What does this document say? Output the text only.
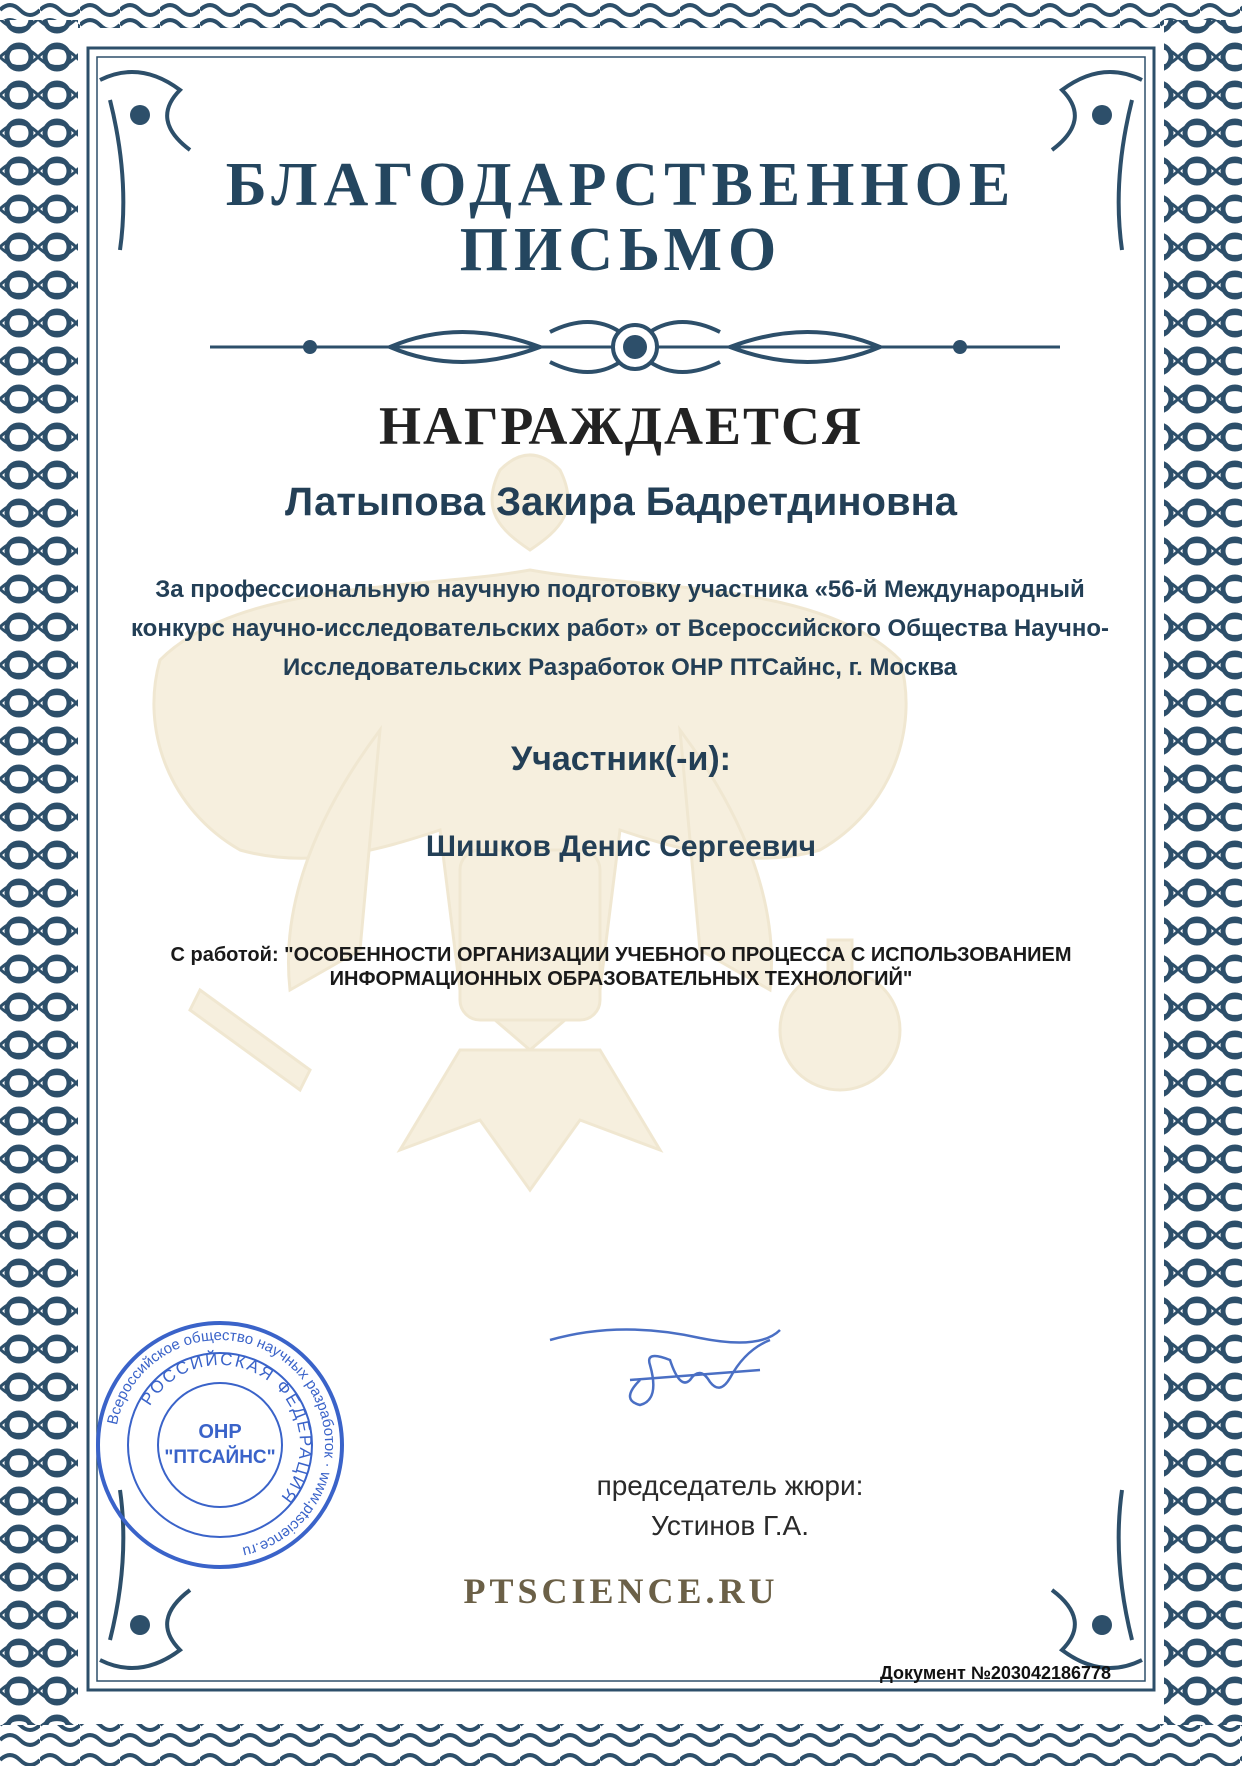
БЛАГОДАРСТВЕННОЕ
ПИСЬМО
НАГРАЖДАЕТСЯ
Латыпова Закира Бадретдиновна
За профессиональную научную подготовку участника «56-й Международный конкурс научно-исследовательских работ» от Всероссийского Общества Научно-Исследовательских Разработок ОНР ПТСайнс, г. Москва
Участник(-и):
Шишков Денис Сергеевич
С работой: "ОСОБЕННОСТИ ОРГАНИЗАЦИИ УЧЕБНОГО ПРОЦЕССА С ИСПОЛЬЗОВАНИЕМ ИНФОРМАЦИОННЫХ ОБРАЗОВАТЕЛЬНЫХ ТЕХНОЛОГИЙ"
председатель жюри:
Устинов Г.А.
PTSCIENCE.RU
Всероссийское общество научных разработок · www.ptscience.ru
РОССИЙСКАЯ ФЕДЕРАЦИЯ
ОНР
"ПТСАЙНС"
Документ №203042186778
